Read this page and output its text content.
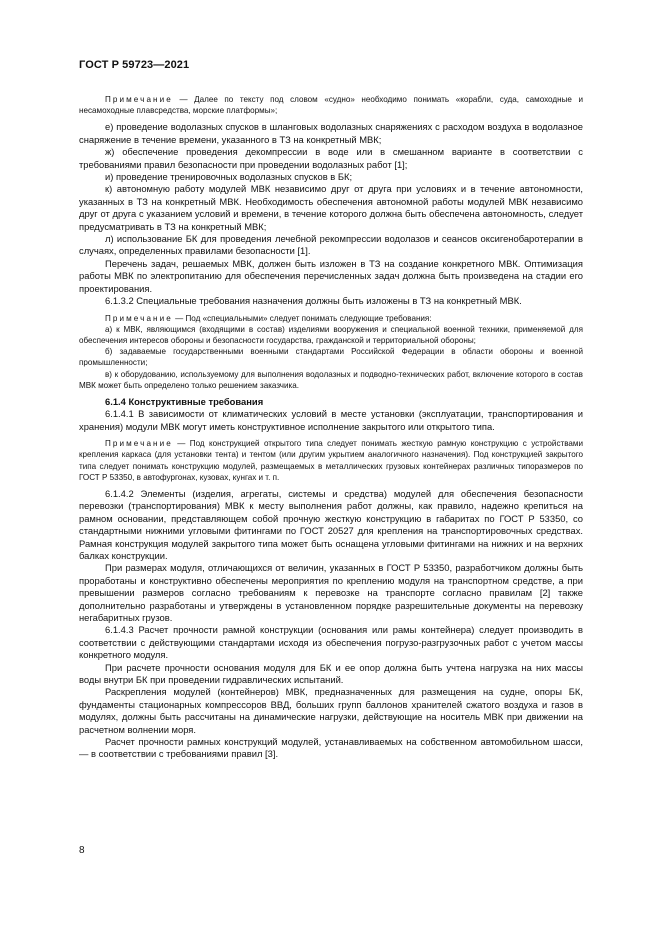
ГОСТ Р 59723—2021

Примечание — Далее по тексту под словом «судно» необходимо понимать «корабли, суда, самоходные и несамоходные плавсредства, морские платформы»;

е) проведение водолазных спусков в шланговых водолазных снаряжениях с расходом воздуха в водолазное снаряжение в течение времени, указанного в ТЗ на конкретный МВК;

ж) обеспечение проведения декомпрессии в воде или в смешанном варианте в соответствии с требованиями правил безопасности при проведении водолазных работ [1];

и) проведение тренировочных водолазных спусков в БК;

к) автономную работу модулей МВК независимо друг от друга при условиях и в течение автономности, указанных в ТЗ на конкретный МВК. Необходимость обеспечения автономной работы модулей МВК независимо друг от друга с указанием условий и времени, в течение которого должна быть обеспечена автономность, следует предусматривать в ТЗ на конкретный МВК;

л) использование БК для проведения лечебной рекомпрессии водолазов и сеансов оксигенобаротерапии в случаях, определенных правилами безопасности [1].

Перечень задач, решаемых МВК, должен быть изложен в ТЗ на создание конкретного МВК. Оптимизация работы МВК по электропитанию для обеспечения перечисленных задач должна быть произведена на стадии его проектирования.

6.1.3.2 Специальные требования назначения должны быть изложены в ТЗ на конкретный МВК.

Примечание — Под «специальными» следует понимать следующие требования:

а) к МВК, являющимся (входящими в состав) изделиями вооружения и специальной военной техники, применяемой для обеспечения интересов обороны и безопасности государства, гражданской и территориальной обороны;

б) задаваемые государственными военными стандартами Российской Федерации в области обороны и военной промышленности;

в) к оборудованию, используемому для выполнения водолазных и подводно-технических работ, включение которого в состав МВК может быть определено только решением заказчика.

6.1.4 Конструктивные требования

6.1.4.1 В зависимости от климатических условий в месте установки (эксплуатации, транспортирования и хранения) модули МВК могут иметь конструктивное исполнение закрытого или открытого типа.

Примечание — Под конструкцией открытого типа следует понимать жесткую рамную конструкцию с устройствами крепления каркаса (для установки тента) и тентом (или другим укрытием аналогичного назначения). Под конструкцией закрытого типа следует понимать конструкцию модулей, размещаемых в металлических грузовых контейнерах различных типоразмеров по ГОСТ Р 53350, в автофургонах, кузовах, кунгах и т. п.

6.1.4.2 Элементы (изделия, агрегаты, системы и средства) модулей для обеспечения безопасности перевозки (транспортирования) МВК к месту выполнения работ должны, как правило, надежно крепиться на рамном основании, представляющем собой прочную жесткую конструкцию в габаритах по ГОСТ Р 53350, со стандартными нижними угловыми фитингами по ГОСТ 20527 для крепления на транспортировочных средствах. Рамная конструкция модулей закрытого типа может быть оснащена угловыми фитингами на нижних и на верхних балках конструкции.

При размерах модуля, отличающихся от величин, указанных в ГОСТ Р 53350, разработчиком должны быть проработаны и конструктивно обеспечены мероприятия по креплению модуля на транспортном средстве, а при превышении размеров согласно требованиям к перевозке на транспорте согласно правилам [2] также дополнительно разработаны и утверждены в установленном порядке разрешительные документы на перевозку негабаритных грузов.

6.1.4.3 Расчет прочности рамной конструкции (основания или рамы контейнера) следует производить в соответствии с действующими стандартами исходя из обеспечения погрузо-разгрузочных работ с учетом массы конкретного модуля.

При расчете прочности основания модуля для БК и ее опор должна быть учтена нагрузка на них массы воды внутри БК при проведении гидравлических испытаний.

Раскрепления модулей (контейнеров) МВК, предназначенных для размещения на судне, опоры БК, фундаменты стационарных компрессоров ВВД, больших групп баллонов хранителей сжатого воздуха и газов в модулях, должны быть рассчитаны на динамические нагрузки, действующие на носитель МВК при движении на расчетном волнении моря.

Расчет прочности рамных конструкций модулей, устанавливаемых на собственном автомобильном шасси, — в соответствии с требованиями правил [3].

8
